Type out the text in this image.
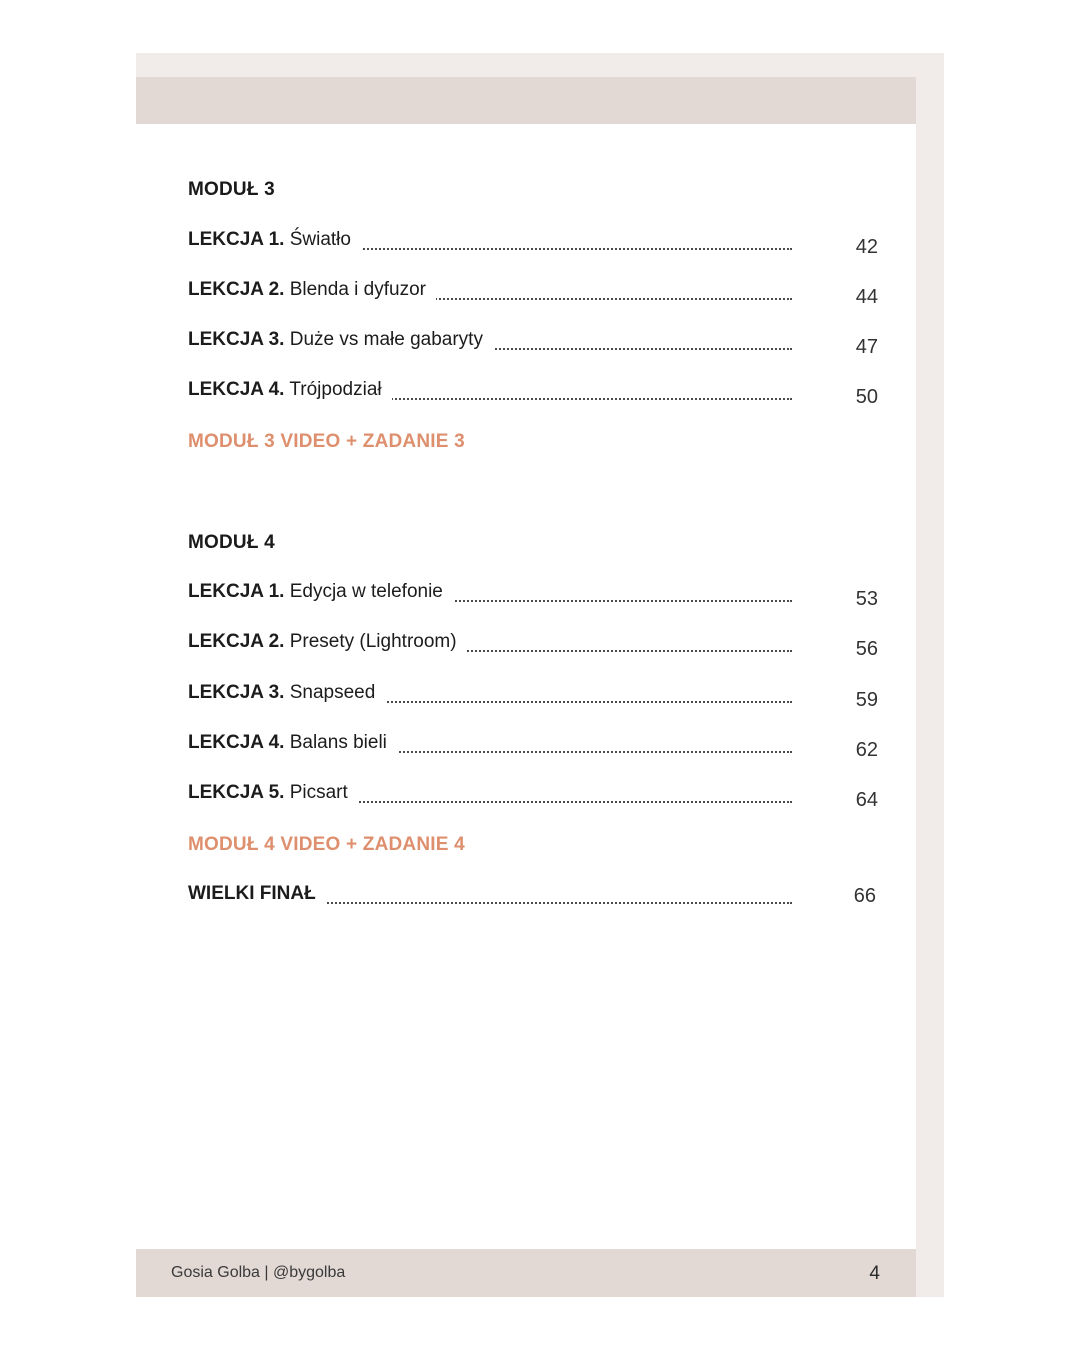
MODUŁ 3
LEKCJA 1. Światło	42
LEKCJA 2. Blenda i dyfuzor	44
LEKCJA 3. Duże vs małe gabaryty	47
LEKCJA 4. Trójpodział	50
MODUŁ 3 VIDEO + ZADANIE 3
MODUŁ 4
LEKCJA 1. Edycja w telefonie	53
LEKCJA 2. Presety (Lightroom)	56
LEKCJA 3. Snapseed	59
LEKCJA 4. Balans bieli	62
LEKCJA 5. Picsart	64
MODUŁ 4 VIDEO + ZADANIE 4
WIELKI FINAŁ	66
Gosia Golba | @bygolba	4
